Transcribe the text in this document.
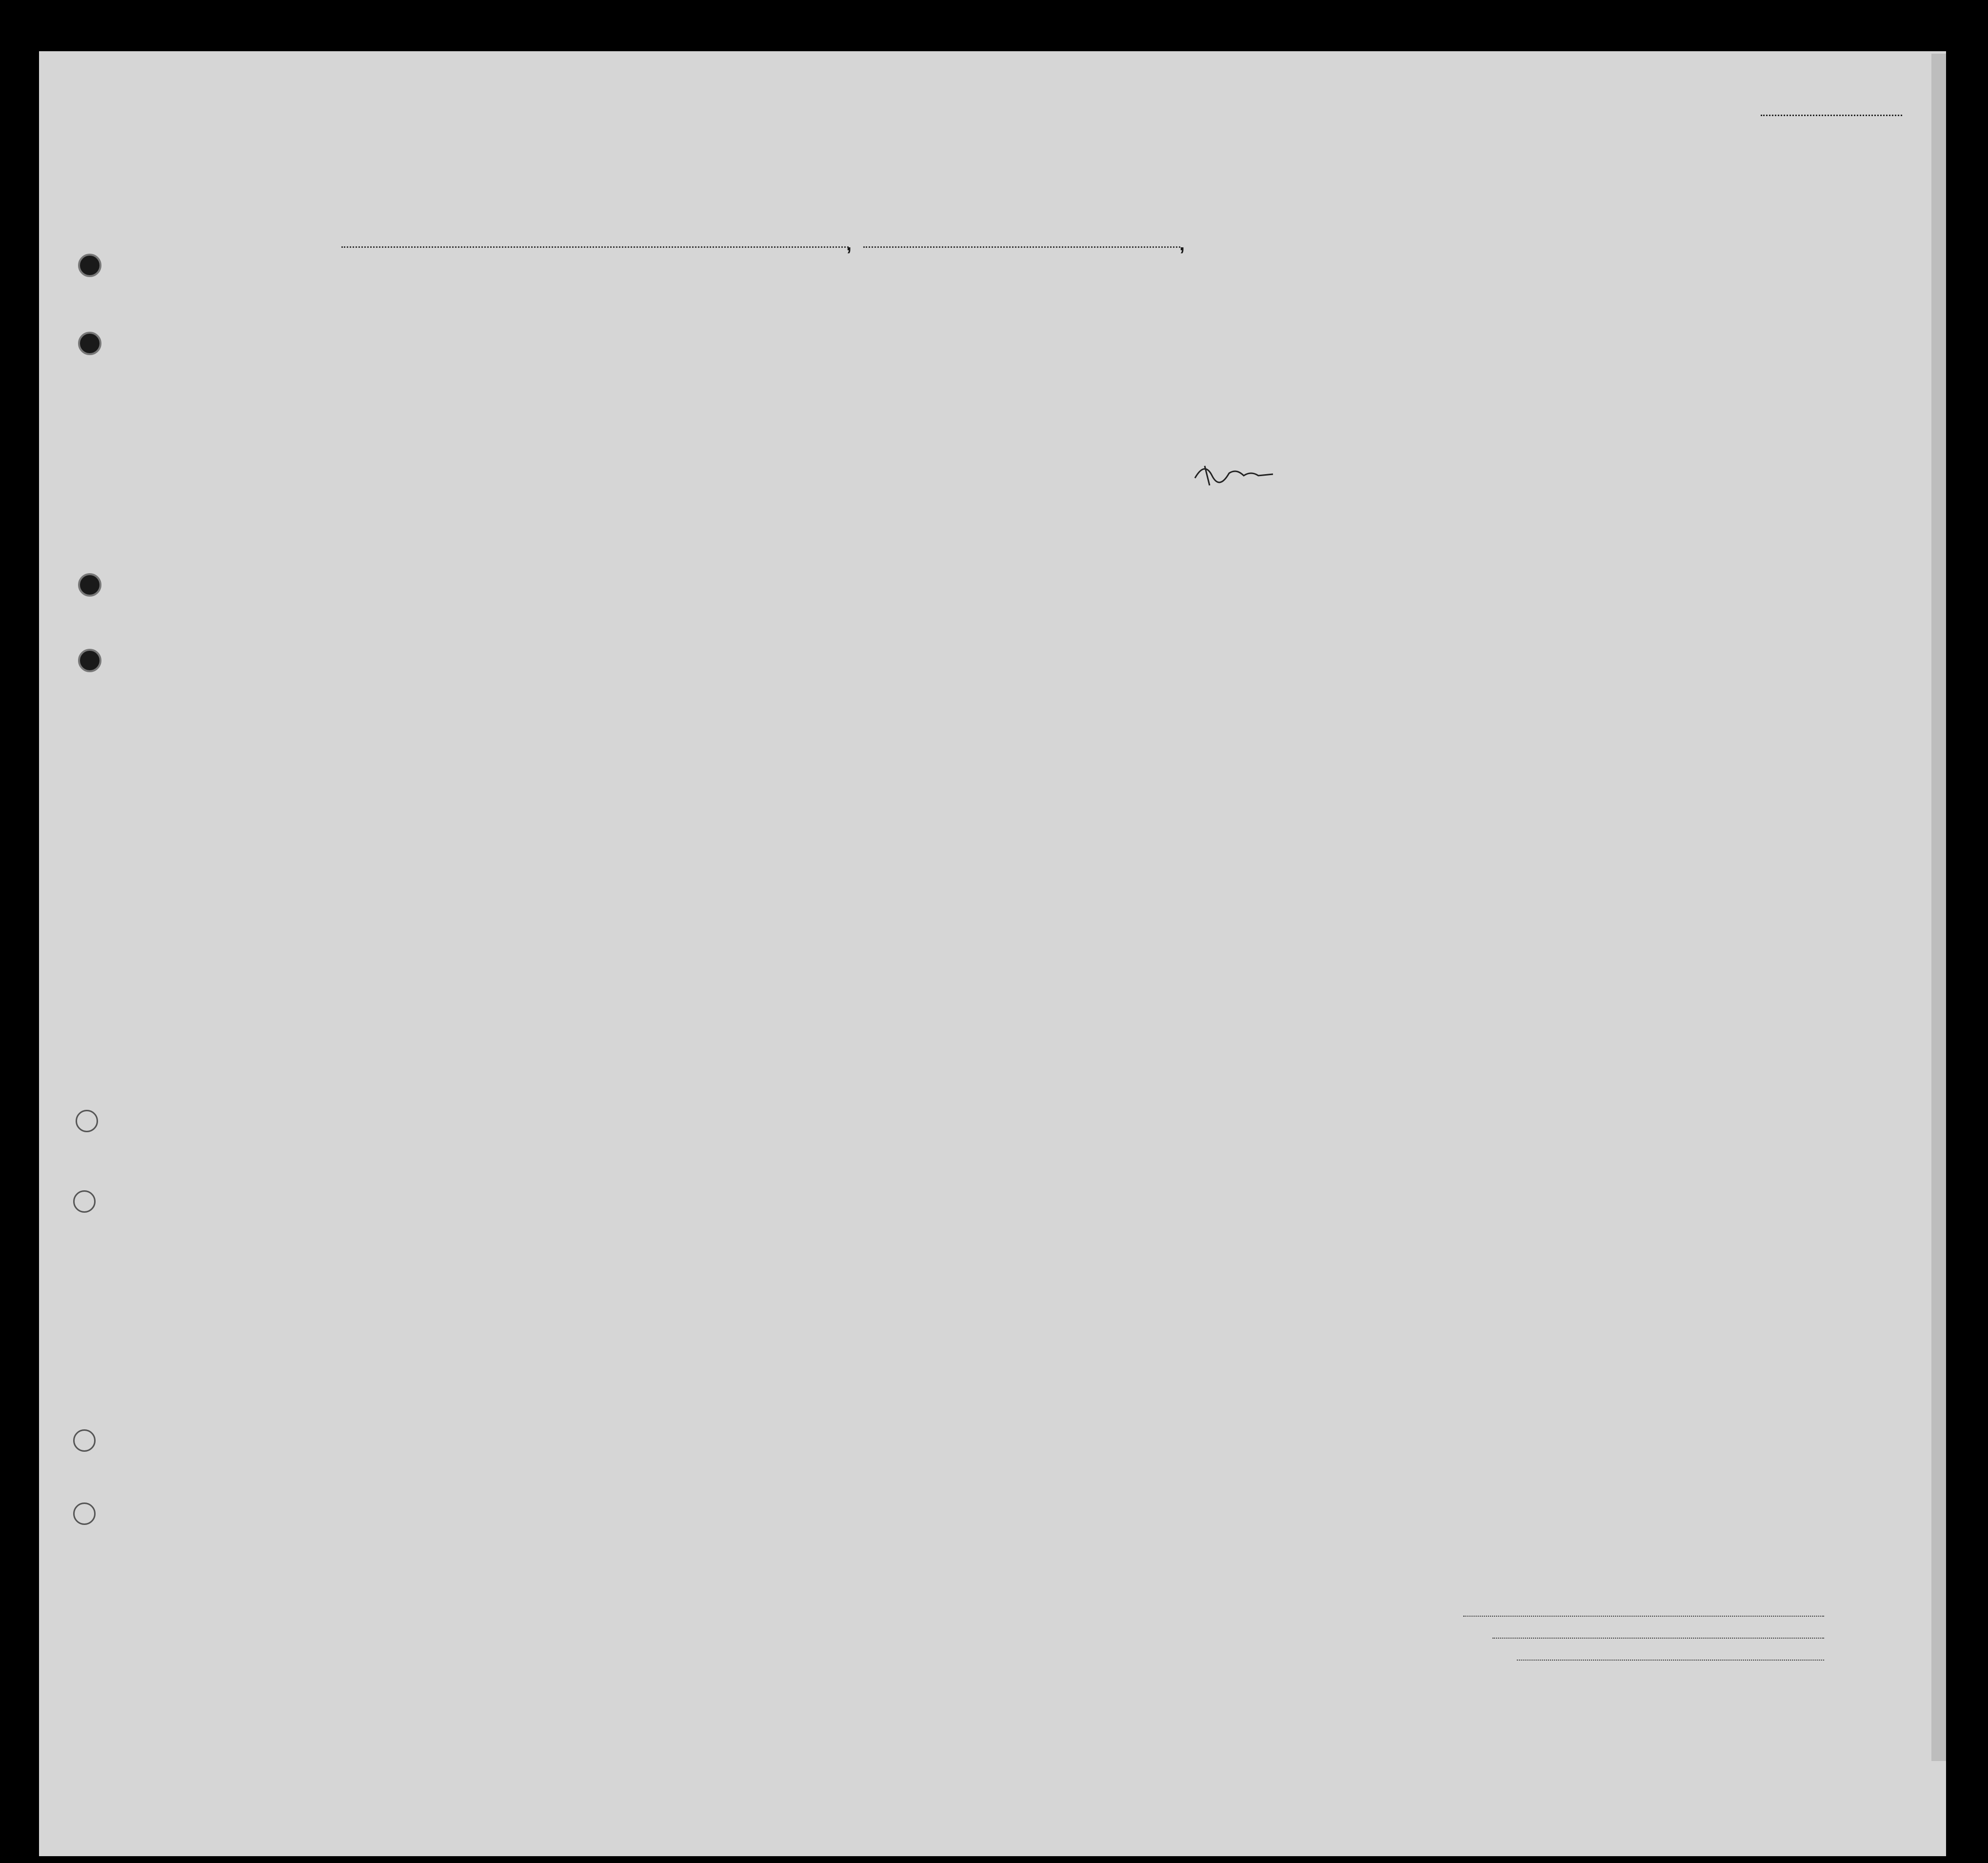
,	,
